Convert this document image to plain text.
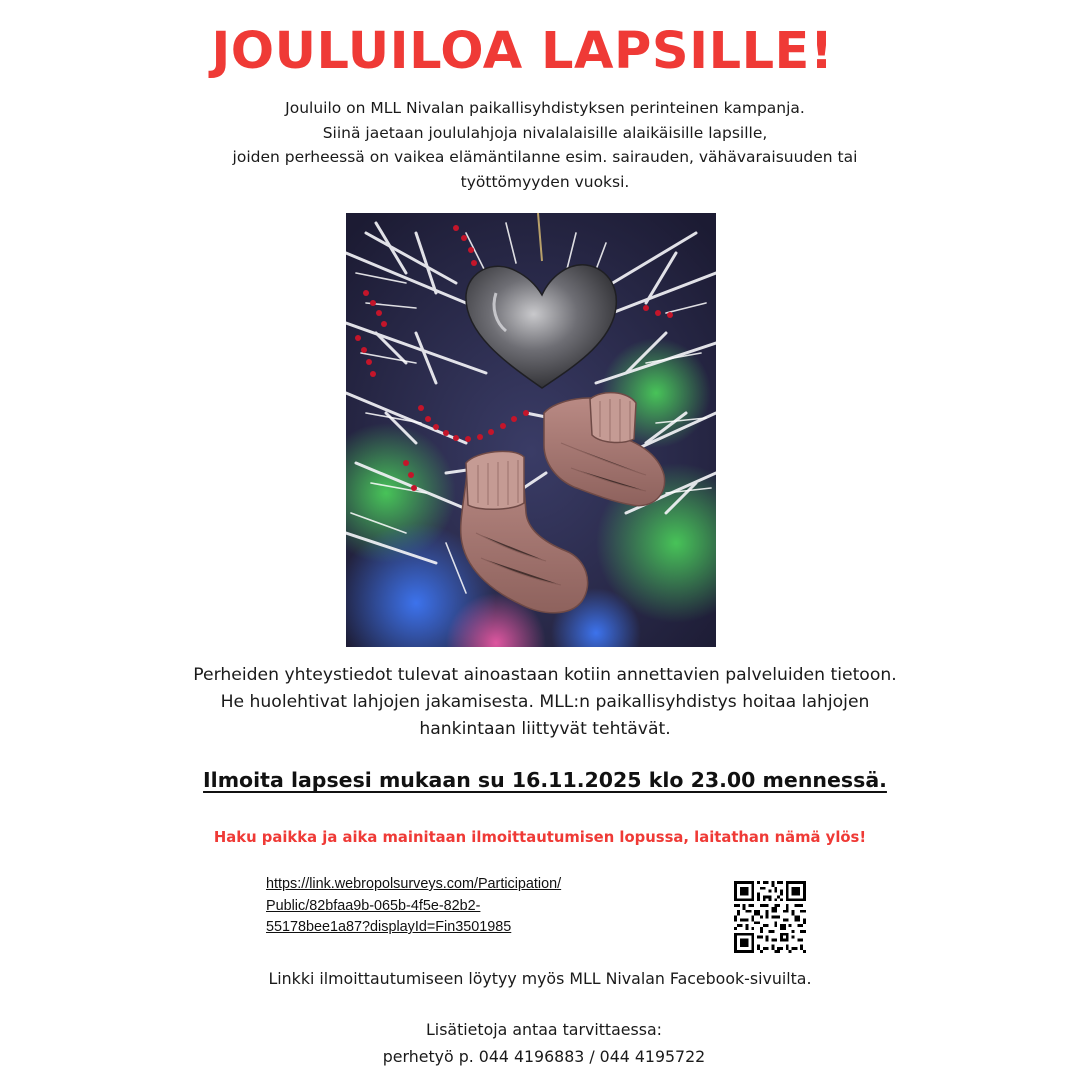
JOULUILOA LAPSILLE!
Jouluilo on MLL Nivalan paikallisyhdistyksen perinteinen kampanja.
Siinä jaetaan joululahjoja nivalalaisille alaikäisille lapsille,
joiden perheessä on vaikea elämäntilanne esim. sairauden, vähävaraisuuden tai
työttömyyden vuoksi.
Perheiden yhteystiedot tulevat ainoastaan kotiin annettavien palveluiden tietoon.
He huolehtivat lahjojen jakamisesta. MLL:n paikallisyhdistys hoitaa lahjojen
hankintaan liittyvät tehtävät.
Ilmoita lapsesi mukaan su 16.11.2025 klo 23.00 mennessä.
Haku paikka ja aika mainitaan ilmoittautumisen lopussa, laitathan nämä ylös!
https://link.webropolsurveys.com/Participation/
Public/82bfaa9b-065b-4f5e-82b2-
55178bee1a87?displayId=Fin3501985
Linkki ilmoittautumiseen löytyy myös MLL Nivalan Facebook-sivuilta.
Lisätietoja antaa tarvittaessa:
perhetyö p. 044 4196883 / 044 4195722
